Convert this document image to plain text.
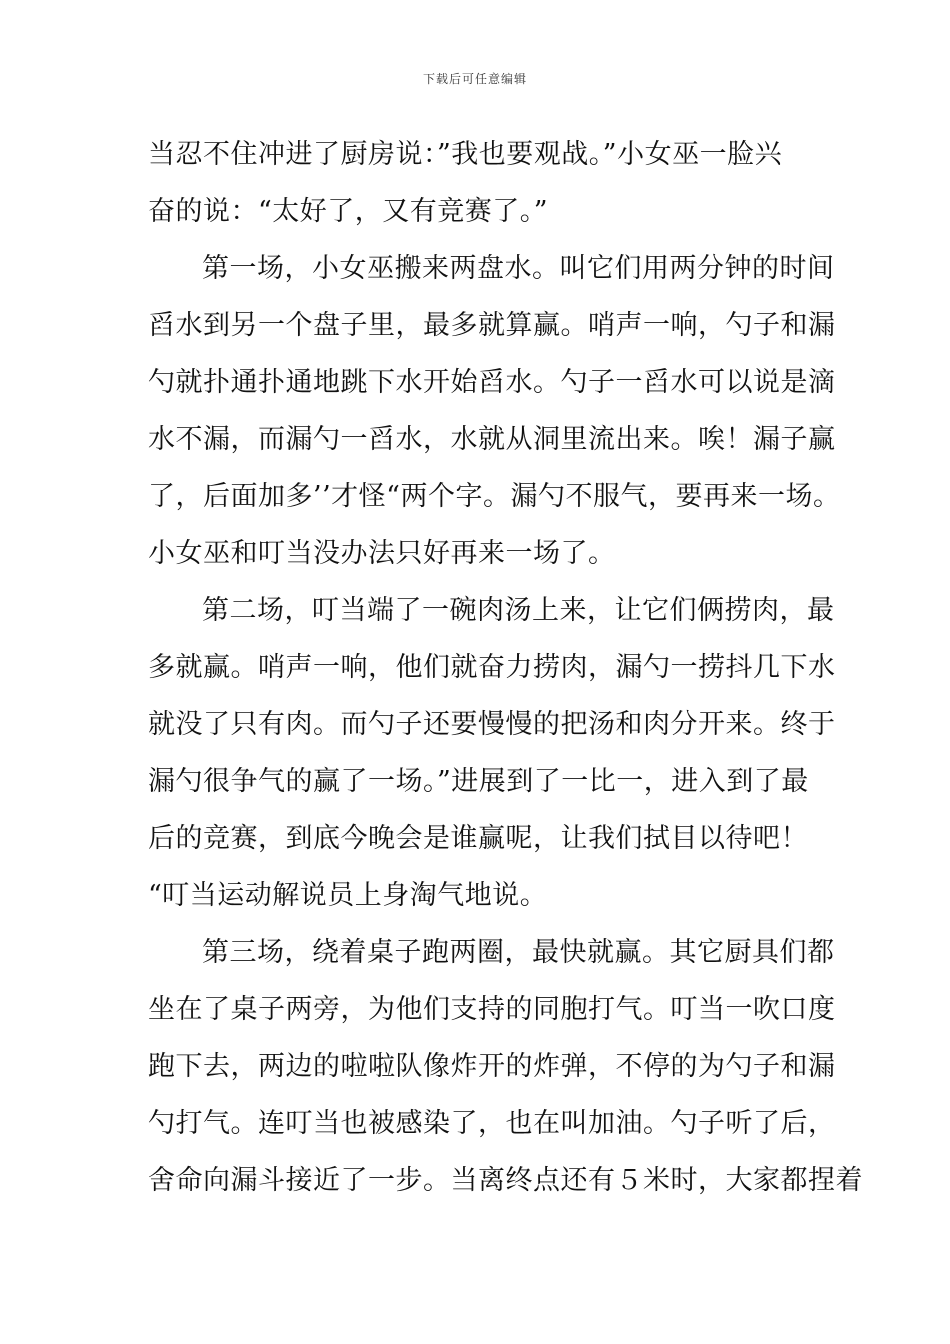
下载后可任意编辑
当忍不住冲进了厨房说：”我也要观战。”小女巫一脸兴
奋的说：“太好了，又有竞赛了。”
第一场，小女巫搬来两盘水。叫它们用两分钟的时间
舀水到另一个盘子里，最多就算赢。哨声一响，勺子和漏
勺就扑通扑通地跳下水开始舀水。勺子一舀水可以说是滴
水不漏，而漏勺一舀水，水就从洞里流出来。唉！漏子赢
了，后面加多’’才怪“两个字。漏勺不服气，要再来一场。
小女巫和叮当没办法只好再来一场了。
第二场，叮当端了一碗肉汤上来，让它们俩捞肉，最
多就赢。哨声一响，他们就奋力捞肉，漏勺一捞抖几下水
就没了只有肉。而勺子还要慢慢的把汤和肉分开来。终于
漏勺很争气的赢了一场。”进展到了一比一，进入到了最
后的竞赛，到底今晚会是谁赢呢，让我们拭目以待吧！
“叮当运动解说员上身淘气地说。
第三场，绕着桌子跑两圈，最快就赢。其它厨具们都
坐在了桌子两旁，为他们支持的同胞打气。叮当一吹口度
跑下去，两边的啦啦队像炸开的炸弹，不停的为勺子和漏
勺打气。连叮当也被感染了，也在叫加油。勺子听了后，
舍命向漏斗接近了一步。当离终点还有５米时，大家都捏着
